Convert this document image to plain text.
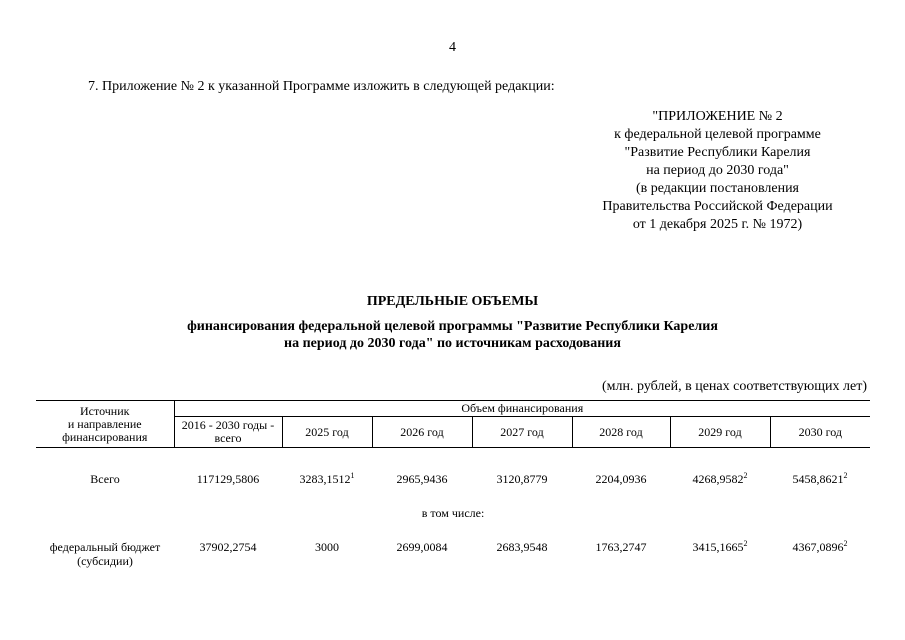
4
7. Приложение № 2 к указанной Программе изложить в следующей редакции:
"ПРИЛОЖЕНИЕ № 2
к федеральной целевой программе
"Развитие Республики Карелия
на период до 2030 года"
(в редакции постановления
Правительства Российской Федерации
от 1 декабря 2025 г. № 1972)
ПРЕДЕЛЬНЫЕ ОБЪЕМЫ
финансирования федеральной целевой программы "Развитие Республики Карелия
на период до 2030 года" по источникам расходования
(млн. рублей, в ценах соответствующих лет)
Источник
и направление
финансирования	Объем финансирования						
	2016 - 2030 годы - всего	2025 год	2026 год	2027 год	2028 год	2029 год	2030 год

Всего	117129,5806	3283,1512$^1$	2965,9436	3120,8779	2204,0936	4268,9582$^2$	5458,8621$^2$

в том числе:							

федеральный бюджет (субсидии)	37902,2754	3000	2699,0084	2683,9548	1763,2747	3415,1665$^2$	4367,0896$^2$
